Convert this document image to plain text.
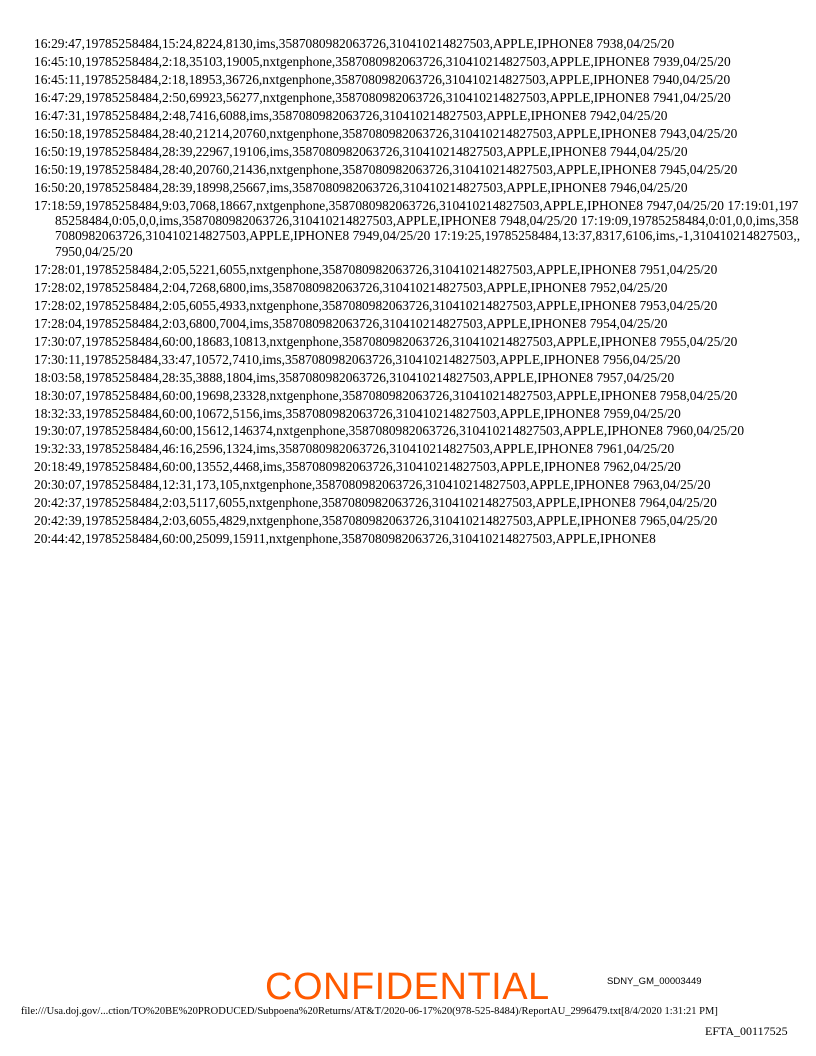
16:29:47,19785258484,15:24,8224,8130,ims,3587080982063726,310410214827503,APPLE,IPHONE8 7938,04/25/20
16:45:10,19785258484,2:18,35103,19005,nxtgenphone,3587080982063726,310410214827503,APPLE,IPHONE8 7939,04/25/20
16:45:11,19785258484,2:18,18953,36726,nxtgenphone,3587080982063726,310410214827503,APPLE,IPHONE8 7940,04/25/20
16:47:29,19785258484,2:50,69923,56277,nxtgenphone,3587080982063726,310410214827503,APPLE,IPHONE8 7941,04/25/20
16:47:31,19785258484,2:48,7416,6088,ims,3587080982063726,310410214827503,APPLE,IPHONE8 7942,04/25/20
16:50:18,19785258484,28:40,21214,20760,nxtgenphone,3587080982063726,310410214827503,APPLE,IPHONE8 7943,04/25/20
16:50:19,19785258484,28:39,22967,19106,ims,3587080982063726,310410214827503,APPLE,IPHONE8 7944,04/25/20
16:50:19,19785258484,28:40,20760,21436,nxtgenphone,3587080982063726,310410214827503,APPLE,IPHONE8 7945,04/25/20
16:50:20,19785258484,28:39,18998,25667,ims,3587080982063726,310410214827503,APPLE,IPHONE8 7946,04/25/20
17:18:59,19785258484,9:03,7068,18667,nxtgenphone,3587080982063726,310410214827503,APPLE,IPHONE8 7947,04/25/20 17:19:01,19785258484,0:05,0,0,ims,3587080982063726,310410214827503,APPLE,IPHONE8 7948,04/25/20 17:19:09,19785258484,0:01,0,0,ims,3587080982063726,310410214827503,APPLE,IPHONE8 7949,04/25/20 17:19:25,19785258484,13:37,8317,6106,ims,-1,310410214827503,, 7950,04/25/20
17:28:01,19785258484,2:05,5221,6055,nxtgenphone,3587080982063726,310410214827503,APPLE,IPHONE8 7951,04/25/20
17:28:02,19785258484,2:04,7268,6800,ims,3587080982063726,310410214827503,APPLE,IPHONE8 7952,04/25/20
17:28:02,19785258484,2:05,6055,4933,nxtgenphone,3587080982063726,310410214827503,APPLE,IPHONE8 7953,04/25/20
17:28:04,19785258484,2:03,6800,7004,ims,3587080982063726,310410214827503,APPLE,IPHONE8 7954,04/25/20
17:30:07,19785258484,60:00,18683,10813,nxtgenphone,3587080982063726,310410214827503,APPLE,IPHONE8 7955,04/25/20
17:30:11,19785258484,33:47,10572,7410,ims,3587080982063726,310410214827503,APPLE,IPHONE8 7956,04/25/20
18:03:58,19785258484,28:35,3888,1804,ims,3587080982063726,310410214827503,APPLE,IPHONE8 7957,04/25/20
18:30:07,19785258484,60:00,19698,23328,nxtgenphone,3587080982063726,310410214827503,APPLE,IPHONE8 7958,04/25/20
18:32:33,19785258484,60:00,10672,5156,ims,3587080982063726,310410214827503,APPLE,IPHONE8 7959,04/25/20
19:30:07,19785258484,60:00,15612,146374,nxtgenphone,3587080982063726,310410214827503,APPLE,IPHONE8 7960,04/25/20
19:32:33,19785258484,46:16,2596,1324,ims,3587080982063726,310410214827503,APPLE,IPHONE8 7961,04/25/20
20:18:49,19785258484,60:00,13552,4468,ims,3587080982063726,310410214827503,APPLE,IPHONE8 7962,04/25/20
20:30:07,19785258484,12:31,173,105,nxtgenphone,3587080982063726,310410214827503,APPLE,IPHONE8 7963,04/25/20
20:42:37,19785258484,2:03,5117,6055,nxtgenphone,3587080982063726,310410214827503,APPLE,IPHONE8 7964,04/25/20
20:42:39,19785258484,2:03,6055,4829,nxtgenphone,3587080982063726,310410214827503,APPLE,IPHONE8 7965,04/25/20
20:44:42,19785258484,60:00,25099,15911,nxtgenphone,3587080982063726,310410214827503,APPLE,IPHONE8
SDNY_GM_00003449
CONFIDENTIAL
file:///Usa.doj.gov/...ction/TO%20BE%20PRODUCED/Subpoena%20Returns/AT&T/2020-06-17%20(978-525-8484)/ReportAU_2996479.txt[8/4/2020 1:31:21 PM]
EFTA_00117525
